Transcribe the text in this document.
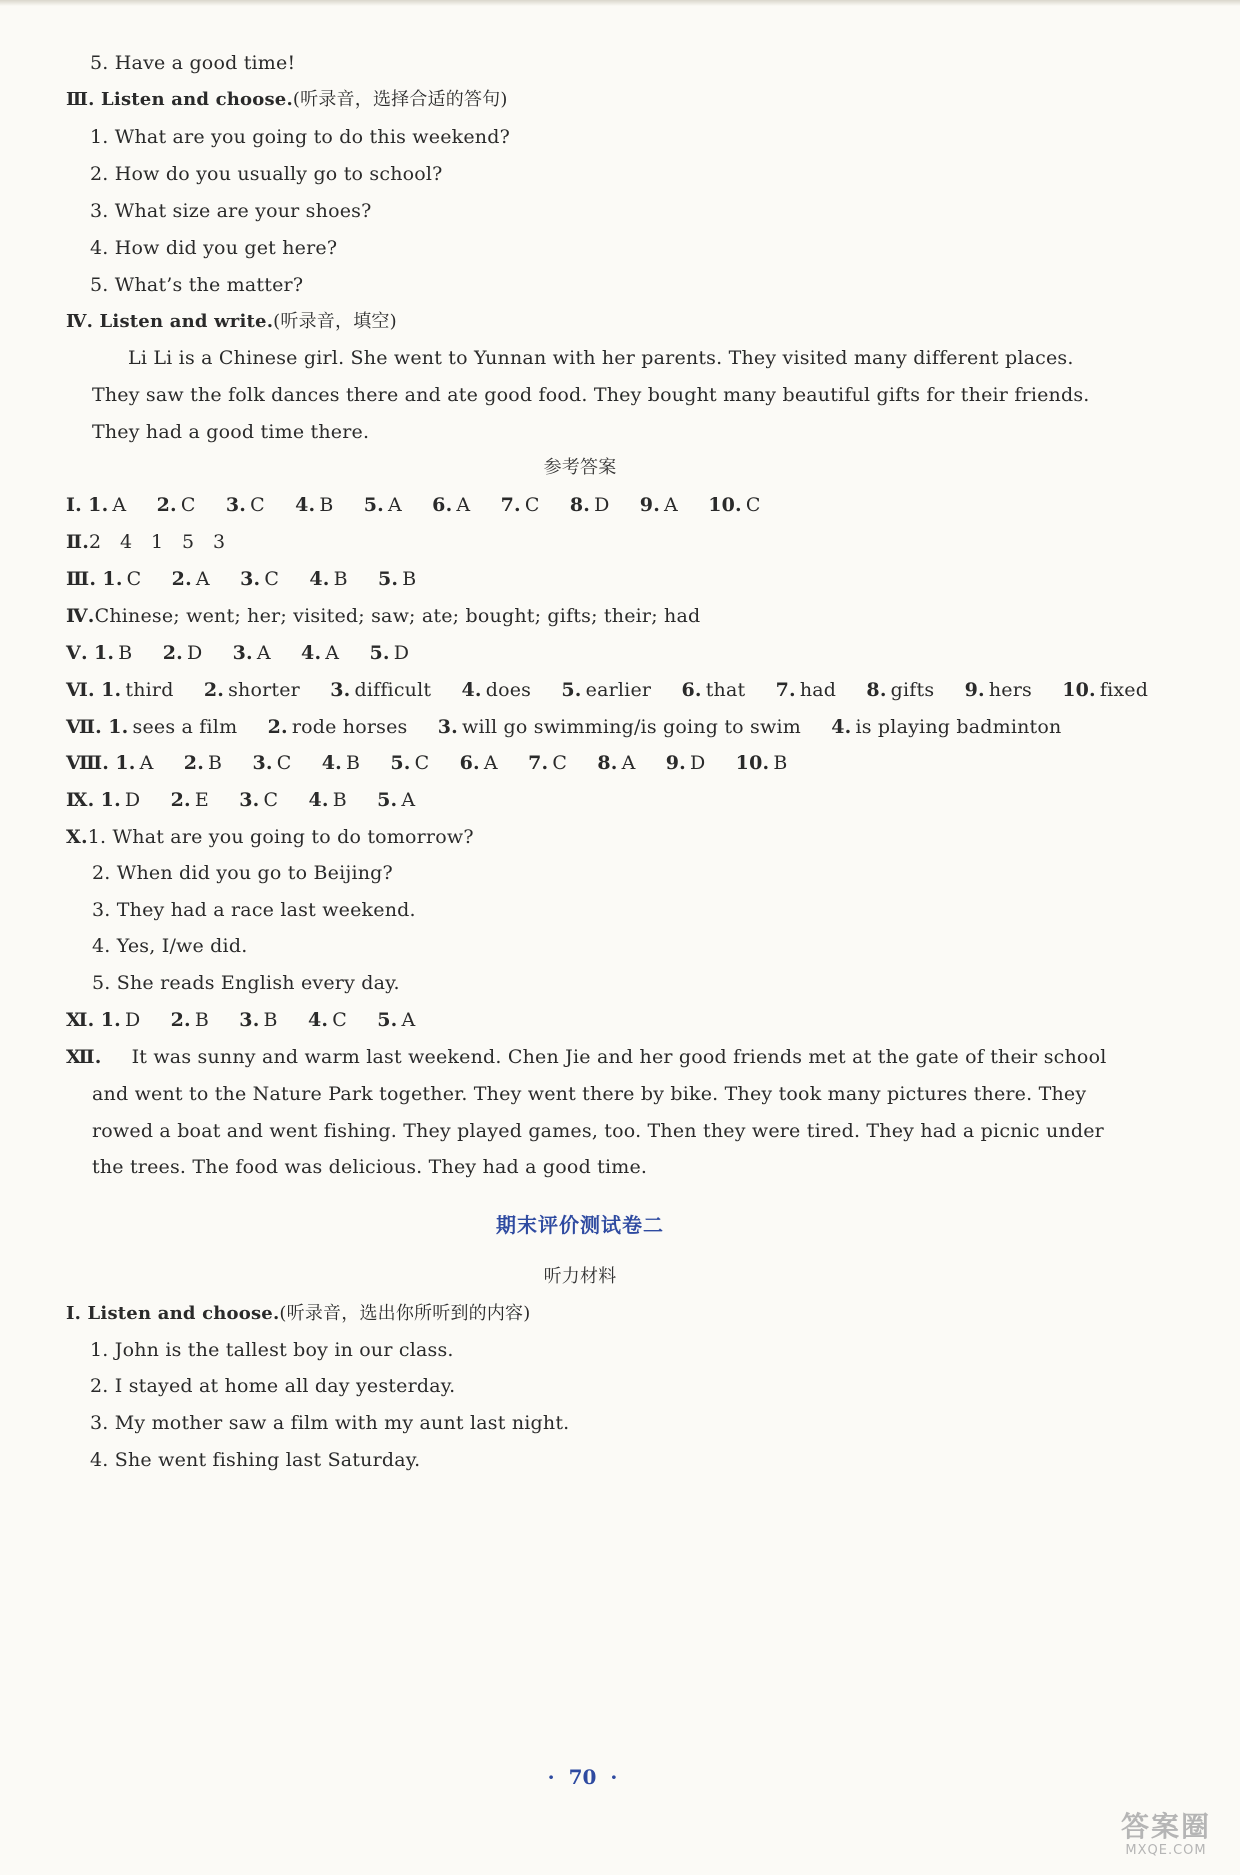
5. Have a good time!
Ⅲ. Listen and choose.(听录音，选择合适的答句)
1. What are you going to do this weekend?
2. How do you usually go to school?
3. What size are your shoes?
4. How did you get here?
5. What’s the matter?
Ⅳ. Listen and write.(听录音，填空)
Li Li is a Chinese girl. She went to Yunnan with her parents. They visited many different places.
They saw the folk dances there and ate good food. They bought many beautiful gifts for their friends.
They had a good time there.
参考答案
Ⅰ. 1. A 2. C 3. C 4. B 5. A 6. A 7. C 8. D 9. A 10. C
Ⅱ.2   4   1   5   3
Ⅲ. 1. C 2. A 3. C 4. B 5. B
Ⅳ.Chinese; went; her; visited; saw; ate; bought; gifts; their; had
Ⅴ. 1. B 2. D 3. A 4. A 5. D
Ⅵ. 1. third 2. shorter 3. difficult 4. does 5. earlier 6. that 7. had 8. gifts 9. hers 10. fixed
Ⅶ. 1. sees a film 2. rode horses 3. will go swimming/is going to swim 4. is playing badminton
Ⅷ. 1. A 2. B 3. C 4. B 5. C 6. A 7. C 8. A 9. D 10. B
Ⅸ. 1. D 2. E 3. C 4. B 5. A
Ⅹ.1. What are you going to do tomorrow?
2. When did you go to Beijing?
3. They had a race last weekend.
4. Yes, I/we did.
5. She reads English every day.
Ⅺ. 1. D 2. B 3. B 4. C 5. A
Ⅻ. It was sunny and warm last weekend. Chen Jie and her good friends met at the gate of their school
and went to the Nature Park together. They went there by bike. They took many pictures there. They
rowed a boat and went fishing. They played games, too. Then they were tired. They had a picnic under
the trees. The food was delicious. They had a good time.
期末评价测试卷二
听力材料
Ⅰ. Listen and choose.(听录音，选出你所听到的内容)
1. John is the tallest boy in our class.
2. I stayed at home all day yesterday.
3. My mother saw a film with my aunt last night.
4. She went fishing last Saturday.
· 70 ·
答案圈
MXQE.COM
